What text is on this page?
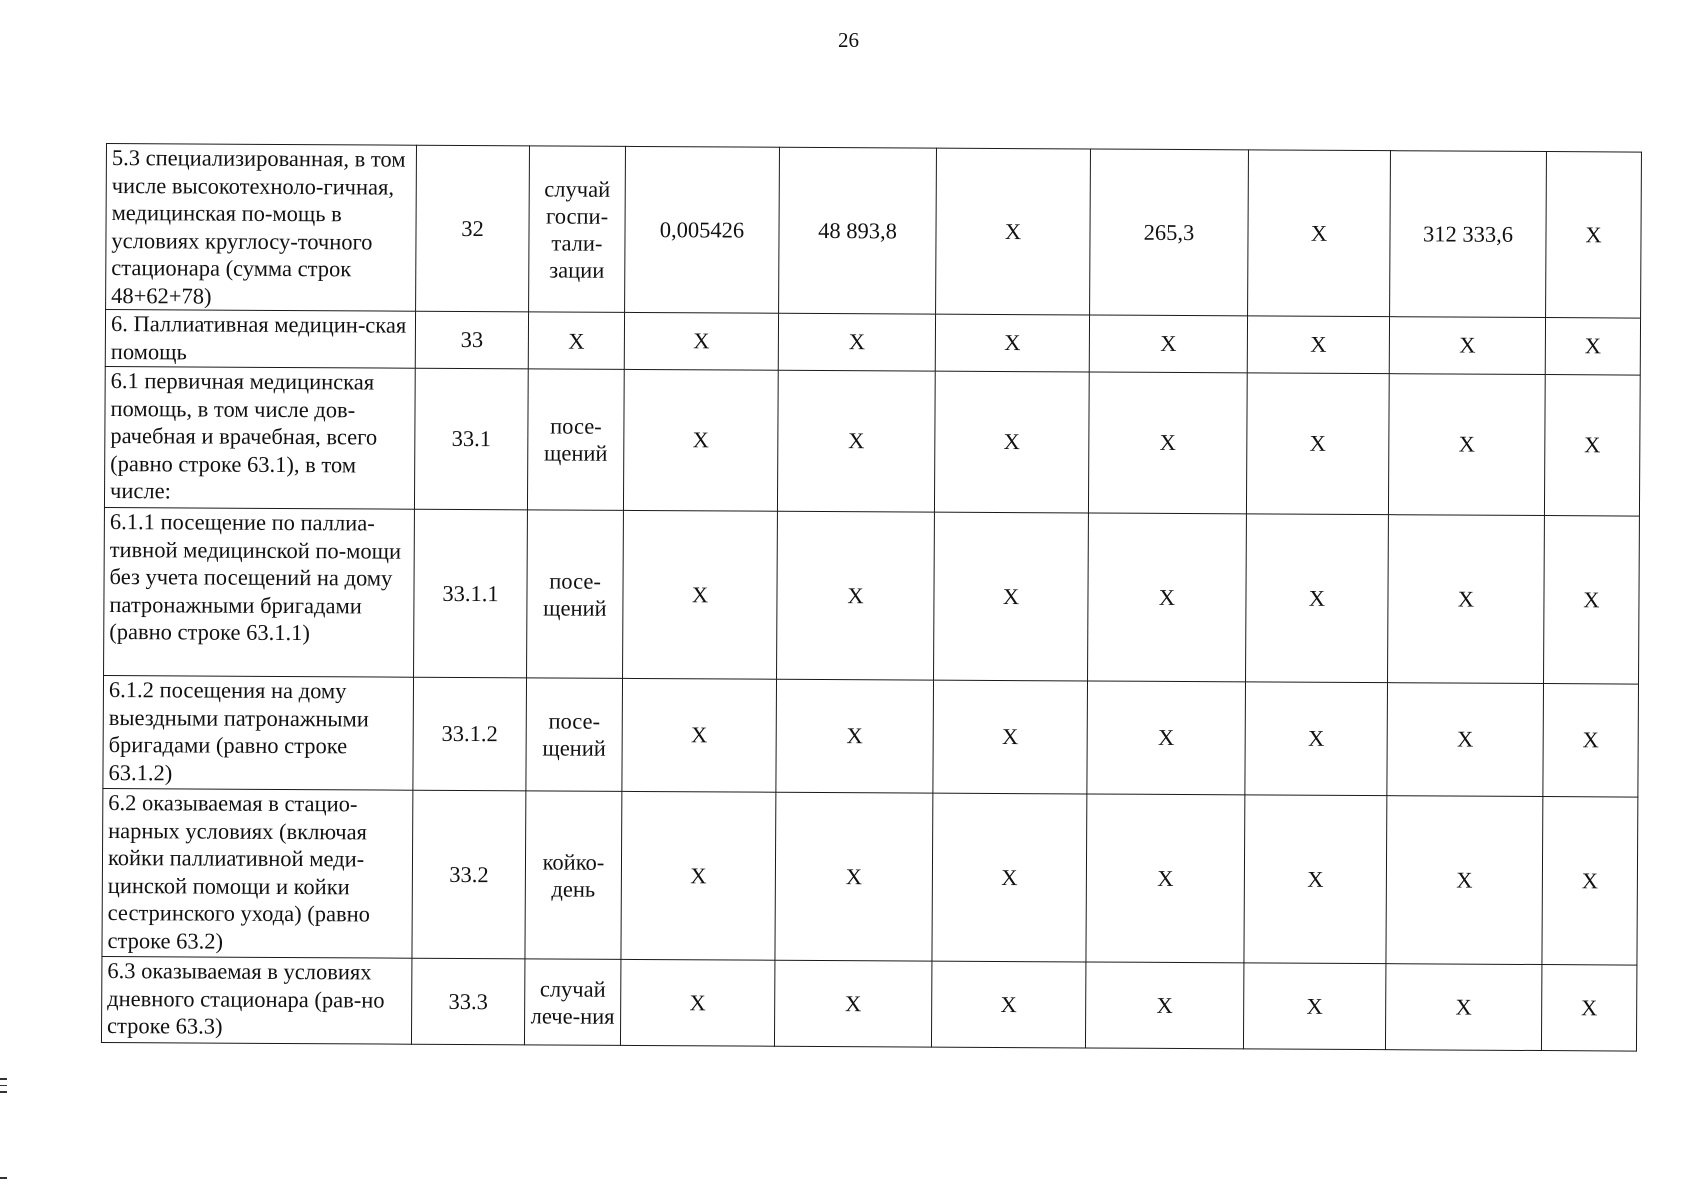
26
5.3 специализированная, в том числе высокотехноло-гичная, медицинская по-мощь в условиях круглосу-точного стационара (сумма строк 48+62+78)	32	случай госпи-тали-зации	0,005426	48 893,8	Х	265,3	Х	312 333,6	Х
6. Паллиативная медицин-ская помощь	33	Х	Х	Х	Х	Х	Х	Х	Х
6.1 первичная медицинская помощь, в том числе дов-рачебная и врачебная, всего (равно строке 63.1), в том числе:	33.1	посе-щений	Х	Х	Х	Х	Х	Х	Х
6.1.1 посещение по паллиа-тивной медицинской по-мощи без учета посещений на дому патронажными бригадами (равно строке 63.1.1)	33.1.1	посе-щений	Х	Х	Х	Х	Х	Х	Х
6.1.2 посещения на дому выездными патронажными бригадами (равно строке 63.1.2)	33.1.2	посе-щений	Х	Х	Х	Х	Х	Х	Х
6.2 оказываемая в стацио-нарных условиях (включая койки паллиативной меди-цинской помощи и койки сестринского ухода) (равно строке 63.2)	33.2	койко-день	Х	Х	Х	Х	Х	Х	Х
6.3 оказываемая в условиях дневного стационара (рав-но строке 63.3)	33.3	случай лече-ния	Х	Х	Х	Х	Х	Х	Х
